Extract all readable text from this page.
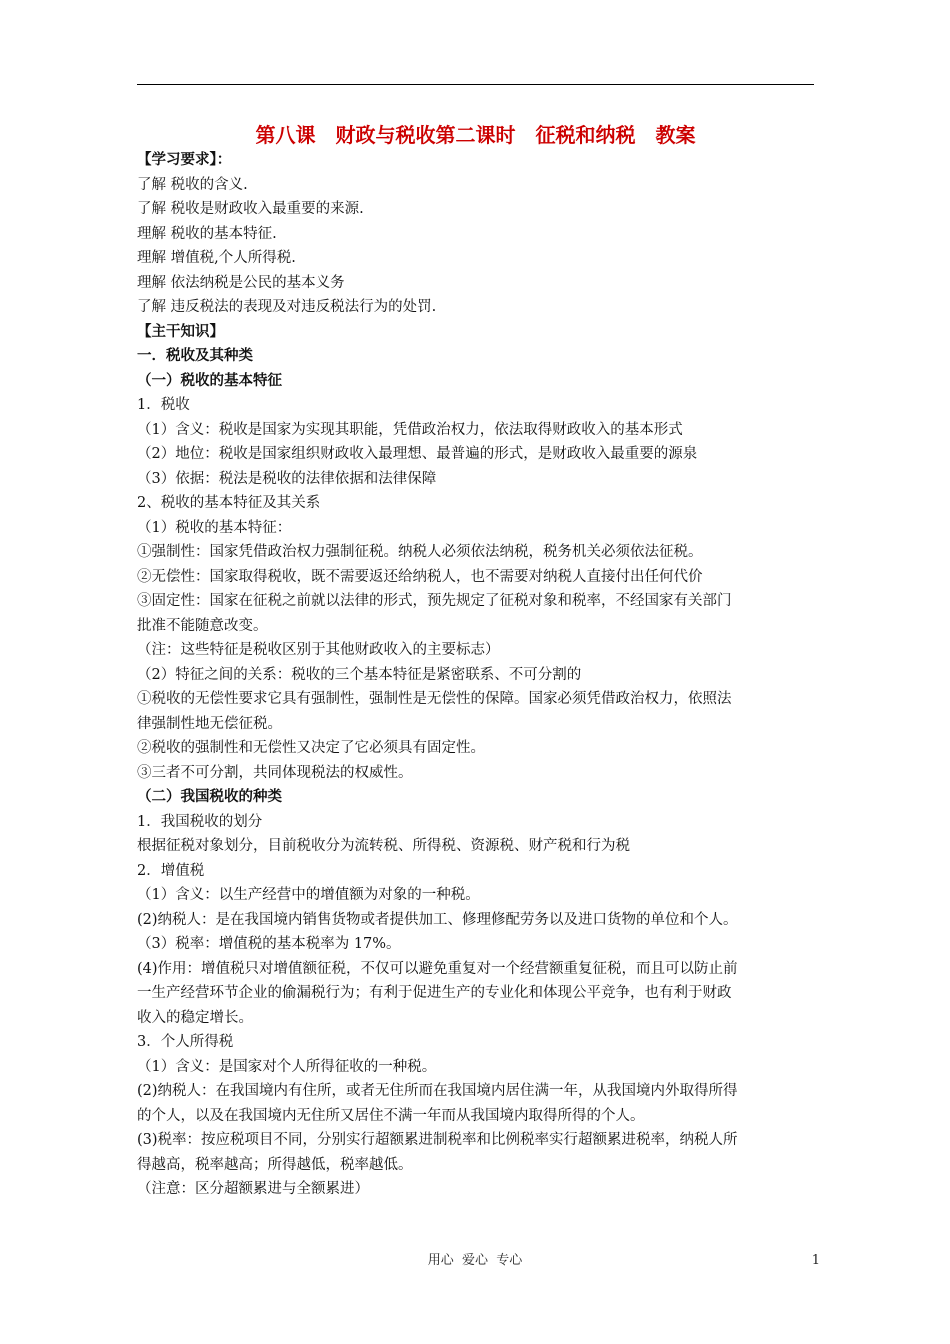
第八课　财政与税收第二课时　征税和纳税　教案
【学习要求】：
了解 税收的含义.
了解 税收是财政收入最重要的来源.
理解 税收的基本特征.
理解 增值税,个人所得税.
理解 依法纳税是公民的基本义务
了解 违反税法的表现及对违反税法行为的处罚.
【主干知识】
一．税收及其种类
（一）税收的基本特征
1．税收
（1）含义：税收是国家为实现其职能，凭借政治权力，依法取得财政收入的基本形式
（2）地位：税收是国家组织财政收入最理想、最普遍的形式，是财政收入最重要的源泉
（3）依据：税法是税收的法律依据和法律保障
2、税收的基本特征及其关系
（1）税收的基本特征：
①强制性：国家凭借政治权力强制征税。纳税人必须依法纳税，税务机关必须依法征税。
②无偿性：国家取得税收，既不需要返还给纳税人，也不需要对纳税人直接付出任何代价
③固定性：国家在征税之前就以法律的形式，预先规定了征税对象和税率，不经国家有关部门
批准不能随意改变。
（注：这些特征是税收区别于其他财政收入的主要标志）
（2）特征之间的关系：税收的三个基本特征是紧密联系、不可分割的
①税收的无偿性要求它具有强制性，强制性是无偿性的保障。国家必须凭借政治权力，依照法
律强制性地无偿征税。
②税收的强制性和无偿性又决定了它必须具有固定性。
③三者不可分割，共同体现税法的权威性。
（二）我国税收的种类
1．我国税收的划分
根据征税对象划分，目前税收分为流转税、所得税、资源税、财产税和行为税
2．增值税
（1）含义：以生产经营中的增值额为对象的一种税。
(2)纳税人：是在我国境内销售货物或者提供加工、修理修配劳务以及进口货物的单位和个人。
（3）税率：增值税的基本税率为 17%。
(4)作用：增值税只对增值额征税，不仅可以避免重复对一个经营额重复征税，而且可以防止前
一生产经营环节企业的偷漏税行为；有利于促进生产的专业化和体现公平竞争，也有利于财政
收入的稳定增长。
3．个人所得税
（1）含义：是国家对个人所得征收的一种税。
(2)纳税人：在我国境内有住所，或者无住所而在我国境内居住满一年，从我国境内外取得所得
的个人，以及在我国境内无住所又居住不满一年而从我国境内取得所得的个人。
(3)税率：按应税项目不同，分别实行超额累进制税率和比例税率实行超额累进税率，纳税人所
得越高，税率越高；所得越低，税率越低。
（注意：区分超额累进与全额累进）
用心  爱心  专心	1
